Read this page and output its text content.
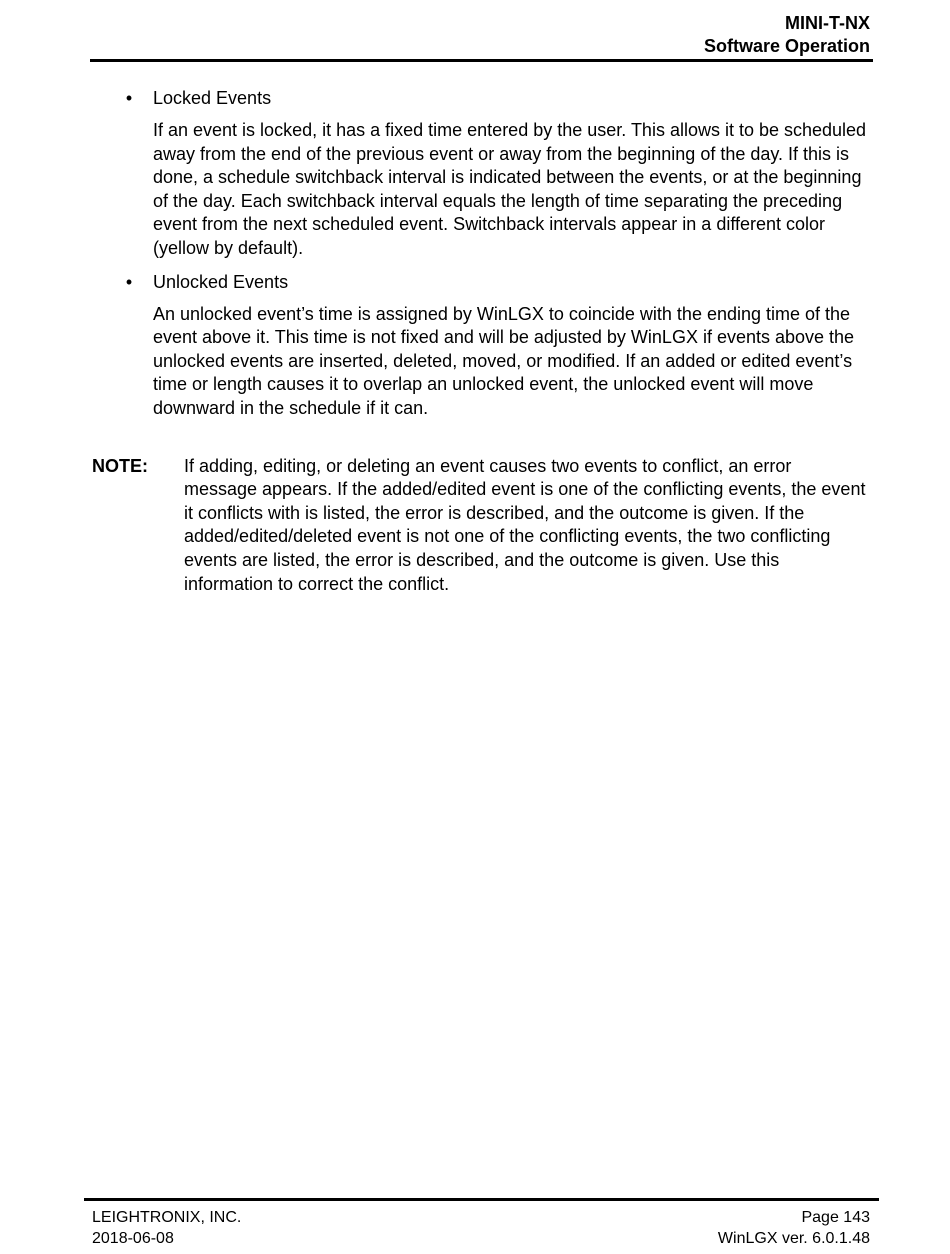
MINI-T-NX
Software Operation
• Locked Events
If an event is locked, it has a fixed time entered by the user. This allows it to be scheduled away from the end of the previous event or away from the beginning of the day. If this is done, a schedule switchback interval is indicated between the events, or at the beginning of the day. Each switchback interval equals the length of time separating the preceding event from the next scheduled event. Switchback intervals appear in a different color (yellow by default).
• Unlocked Events
An unlocked event’s time is assigned by WinLGX to coincide with the ending time of the event above it. This time is not fixed and will be adjusted by WinLGX if events above the unlocked events are inserted, deleted, moved, or modified. If an added or edited event’s time or length causes it to overlap an unlocked event, the unlocked event will move downward in the schedule if it can.
NOTE:	If adding, editing, or deleting an event causes two events to conflict, an error message appears. If the added/edited event is one of the conflicting events, the event it conflicts with is listed, the error is described, and the outcome is given. If the added/edited/deleted event is not one of the conflicting events, the two conflicting events are listed, the error is described, and the outcome is given. Use this information to correct the conflict.
LEIGHTRONIX, INC.
2018-06-08
Page 143
WinLGX ver. 6.0.1.48
